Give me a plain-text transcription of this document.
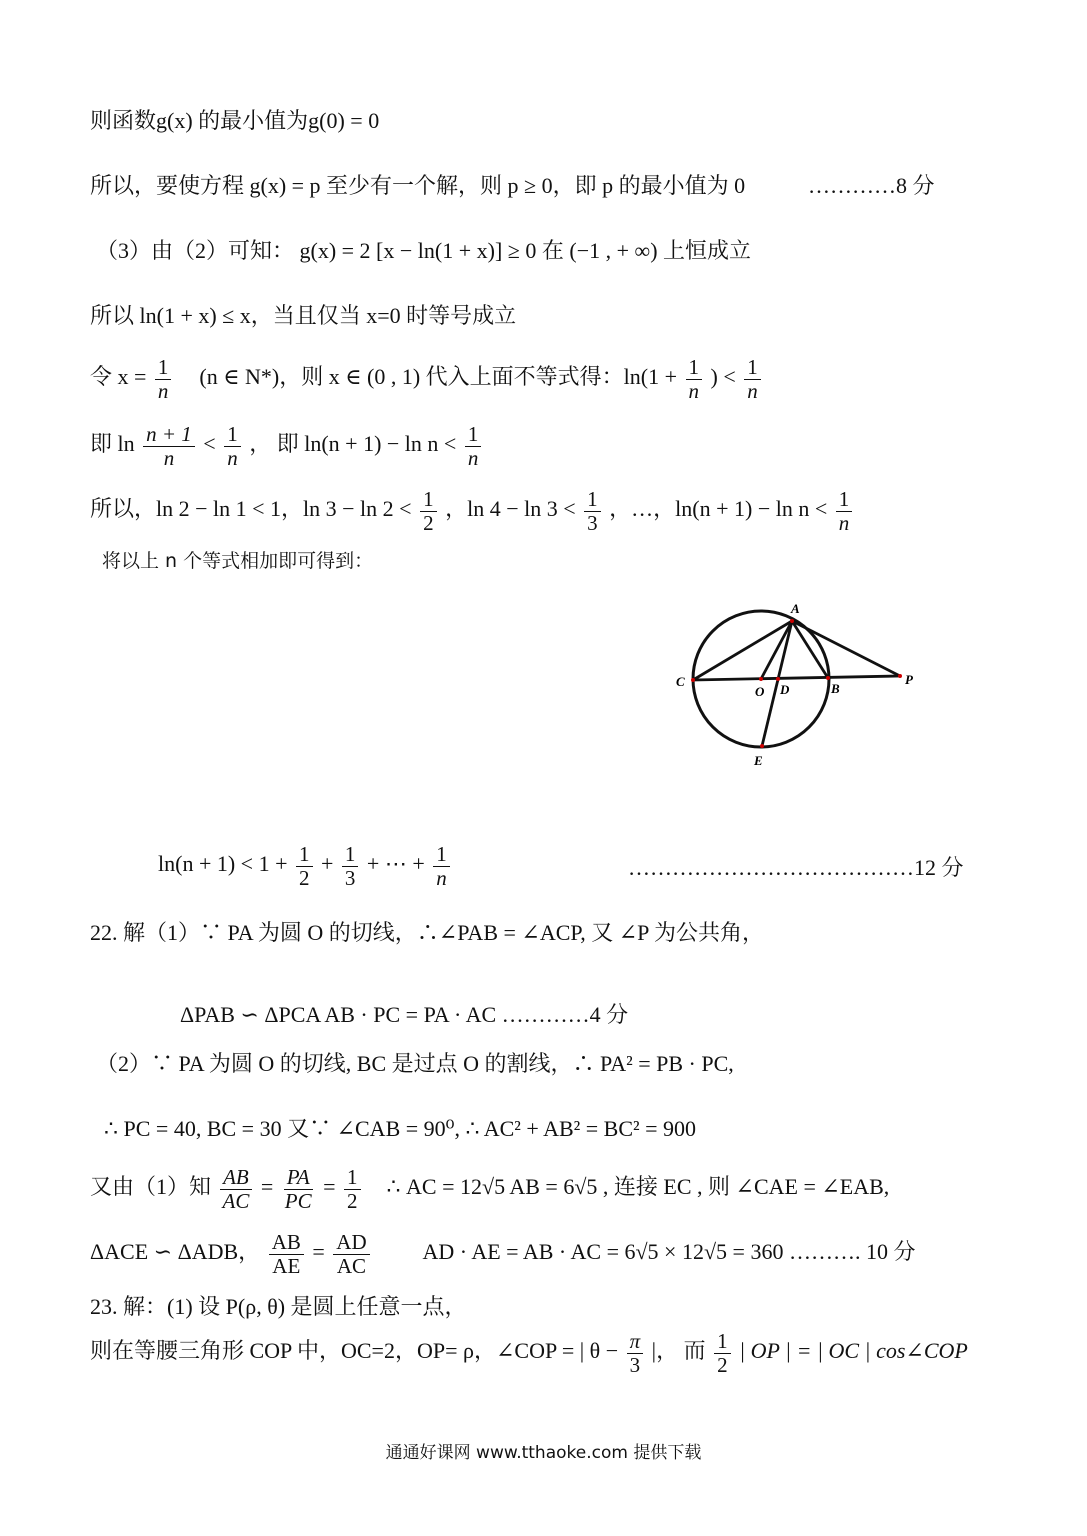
则函数g(x) 的最小值为g(0) = 0
所以，要使方程 g(x) = p 至少有一个解，则 p ≥ 0，即 p 的最小值为 0	…………8 分
（3）由（2）可知： g(x) = 2 [x − ln(1 + x)] ≥ 0 在 (−1 , + ∞) 上恒成立
所以 ln(1 + x) ≤ x，当且仅当 x=0 时等号成立
令 $x = \frac{1}{n} (n$ ∈ N*)，则 x ∈ (0 , 1) 代入上面不等式得：$\ln(1 + \frac{1}{n}$ ) < $\frac{1}{n}$
即 $\ln \frac{n + 1}{n} < \frac{1}{n}$ ， 即 $\ln(n + 1) - \ln n < \frac{1}{n}$
所以，ln 2 − ln 1 < 1，$\ln 3 - \ln 2 < \frac{1}{2}$ ，$\ln 4 - \ln 3 < \frac{1}{3}$ ，…，$\ln(n + 1) - \ln n < \frac{1}{n}$
将以上 n 个等式相加即可得到：
A
C
O D	B
P
E
$\ln(n + 1) < 1 + \frac{1}{2} + \frac{1}{3}$ + ⋯ + $\frac{1}{n}$	…………………………………12 分
22. 解（1）∵ PA 为圆 O 的切线，∴∠PAB = ∠ACP, 又 ∠P 为公共角，
ΔPAB ∽ ΔPCA AB · PC = PA · AC …………4 分
（2）∵ PA 为圆 O 的切线, BC 是过点 O 的割线，∴ PA² = PB · PC,
∴ PC = 40, BC = 30 又∵ ∠CAB = 90⁰, ∴ AC² + AB² = BC² = 900
又由（1）知 $\frac{AB}{AC} = \frac{PA}{PC} = \frac{1}{2}$ ∴ AC = 12√5 AB = 6√5 , 连接 EC , 则 ∠CAE = ∠EAB,
ΔACE ∽ ΔADB， $\frac{AB}{AE} = \frac{AD}{AC}$ AD · AE = AB · AC = 6√5 × 12√5 = 360 ………. 10 分
23. 解：(1) 设 P(ρ, θ) 是圆上任意一点，
则在等腰三角形 COP 中，OC=2，OP= ρ，∠COP = | $\theta - \frac{\pi}{3}$ |， 而 $\frac{1}{2}$ | OP | = | OC | cos∠COP
通通好课网 www.tthaoke.com 提供下载
